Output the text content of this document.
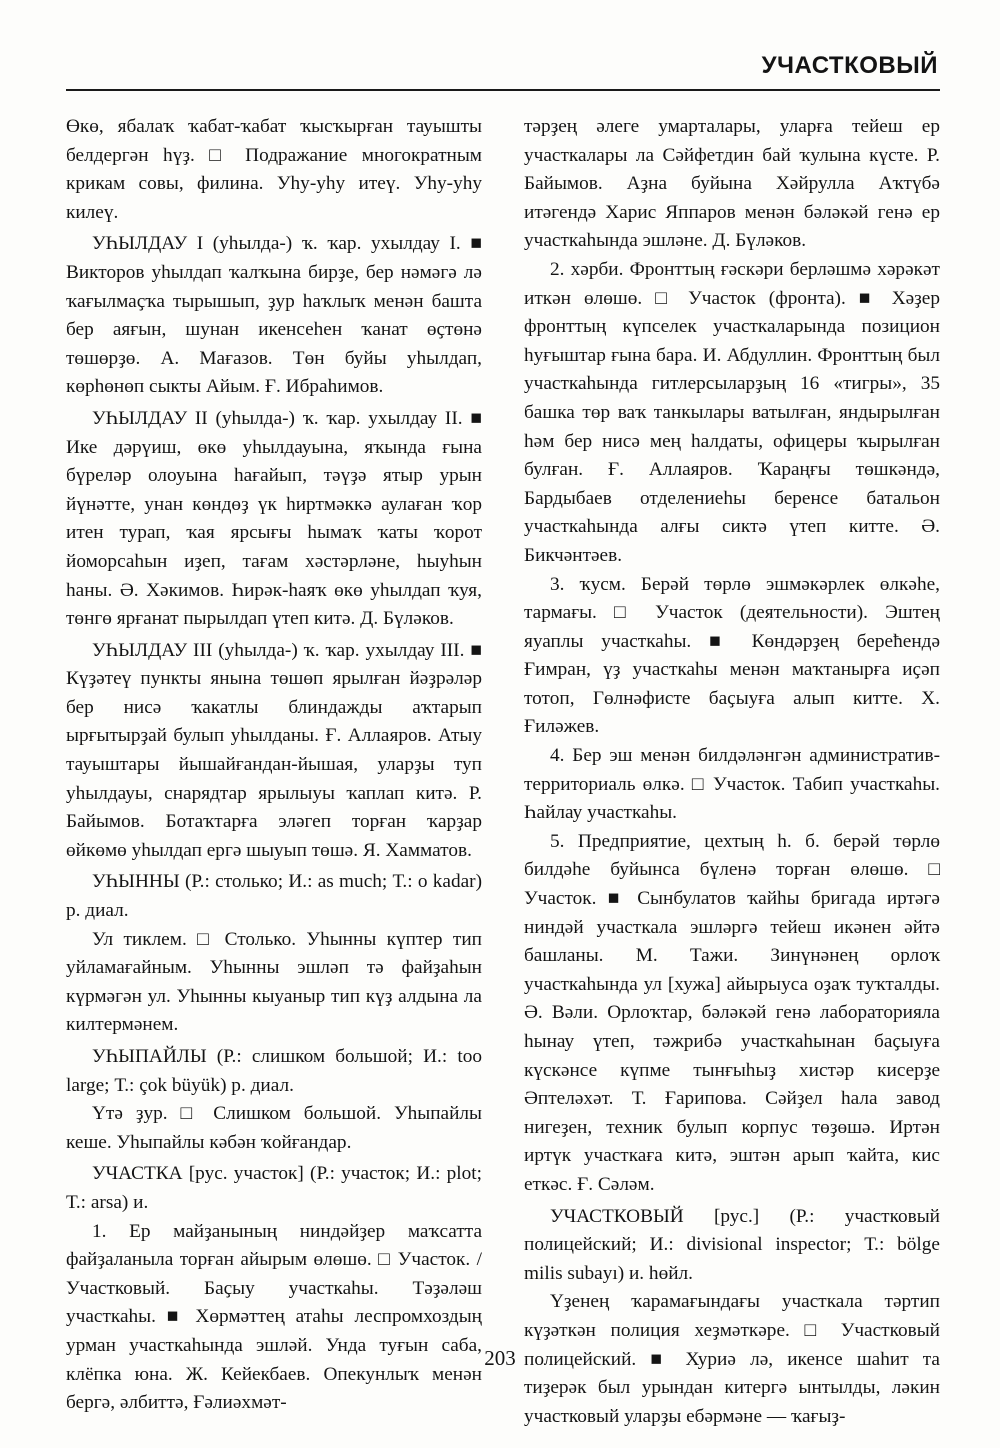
УЧАСТКОВЫЙ

Өкө, ябалаҡ ҡабат-ҡабат ҡысҡырған тауышты белдергән һүҙ. □ Подражание многократным крикам совы, филина. Уһу-уһу итеү. Уһу-уһу килеү.

УҺЫЛДАУ I (уһылда-) ҡ. ҡар. ухылдау I. ■ Викторов уһылдап ҡалҡына бирҙе, бер нәмәгә лә ҡағылмаҫҡа тырышып, ҙур һаҡлыҡ менән башта бер аяғын, шунан икенсеһен ҡанат өҫтөнә төшөрҙө. А. Мағазов. Төн буйы уһылдап, көрһөнөп сыкты Айым. Ғ. Ибраһимов.

УҺЫЛДАУ II (уһылда-) ҡ. ҡар. ухылдау II. ■ Ике дәрүиш, өкө уһылдауына, яҡында ғына бүреләр олоуына һағайып, тәүҙә ятыр урын йүнәтте, унан көндөҙ үк һиртмәккә аулаған ҡор итен турап, ҡая ярсығы һымаҡ ҡаты ҡорот йоморсаһын иҙеп, тағам хәстәрләне, һыуһын һаны. Ә. Хәкимов. Һирәк-һаяҡ өкө уһылдап ҡуя, төнгө ярғанат пырылдап үтеп китә. Д. Бүләков.

УҺЫЛДАУ III (уһылда-) ҡ. ҡар. ухылдау III. ■ Күҙәтеү пункты янына төшөп ярылған йәҙрәләр бер нисә ҡакатлы блиндажды аҡтарып ырғытырҙай булып уһылданы. Ғ. Аллаяров. Атыу тауыштары йышайғандан-йышая, уларҙы туп уһылдауы, снарядтар ярылыуы ҡаплап китә. Р. Байымов. Ботаҡтарға эләгеп торған ҡарҙар өйкөмө уһылдап ергә шыуып төшә. Я. Хамматов.

УҺЫННЫ (Р.: столько; И.: as much; Т.: o kadar) р. диал.

Ул тиклем. □ Столько. Уһынны күптер тип уйламағайным. Уһынны эшләп тә файҙаһын күрмәгән ул. Уһынны кыуаныр тип күҙ алдына ла килтермәнем.

УҺЫПАЙЛЫ (Р.: слишком большой; И.: too large; Т.: çok büyük) р. диал.

Үтә ҙур. □ Слишком большой. Уһыпайлы кеше. Уһыпайлы кәбән ҡойғандар.

УЧАСТКА [рус. участок] (Р.: участок; И.: plot; Т.: arsa) и.

1. Ер майҙанының ниндәйҙер маҡсатта файҙаланыла торған айырым өлөшө. □ Участок. / Участковый. Баҫыу участкаһы. Тәҙәләш участкаһы. ■ Хөрмәттең атаһы леспромхоздың урман участкаһында эшләй. Унда туғын саба, клёпка юна. Ж. Кейекбаев. Опекунлыҡ менән бергә, әлбиттә, Ғәлиәхмәт-

тәрҙең әлеге умарталары, уларға тейеш ер участкалары ла Сәйфетдин бай ҡулына күсте. Р. Байымов. Аҙна буйына Хәйрулла Аҡтүбә итәгендә Харис Яппаров менән бәләкәй генә ер участкаһында эшләне. Д. Бүләков.

2. хәрби. Фронттың ғәскәри берләшмә хәрәкәт иткән өлөшө. □ Участок (фронта). ■ Хәҙер фронттың күпселек участкаларында позицион һуғыштар ғына бара. И. Абдуллин. Фронттың был участкаһында гитлерсыларҙың 16 «тигры», 35 башка төр ваҡ танкылары ватылған, яндырылған һәм бер нисә мең һалдаты, офицеры ҡырылған булған. Ғ. Аллаяров. Ҡараңғы төшкәндә, Бардыбаев отделениеһы беренсе батальон участкаһында алғы сиктә үтеп китте. Ә. Бикчәнтәев.

3. ҡусм. Берәй төрлө эшмәкәрлек өлкәһе, тармағы. □ Участок (деятельности). Эштең яуаплы участкаһы. ■ Көндәрҙең берећендә Ғимран, үҙ участкаһы менән маҡтанырға иҫәп тотоп, Гөлнәфисте баҫыуға алып китте. Х. Ғиләжев.

4. Бер эш менән билдәләнгән административ-территориаль өлкә. □ Участок. Табип участкаһы. Һайлау участкаһы.

5. Предприятие, цехтың һ. б. берәй төрлө билдәһе буйынса бүленә торған өлөшө. □ Участок. ■ Сынбулатов ҡайһы бригада иртәгә ниндәй участкала эшләргә тейеш икәнен әйтә башланы. М. Тажи. Зинүнәнең орлоҡ участкаһында ул [хужа] айырыуса оҙаҡ туҡталды. Ә. Вәли. Орлоҡтар, бәләкәй генә лабораторияла һынау үтеп, тәжрибә участкаһынан баҫыуға күскәнсе күпме тынғыһыҙ хистәр кисерҙе Әптеләхәт. Т. Ғарипова. Сәйҙел һала завод нигеҙен, техник булып корпус төҙөшә. Иртән иртүк участкаға китә, эштән арып ҡайта, кис еткәс. Ғ. Сәләм.

УЧАСТКОВЫЙ [рус.] (Р.: участковый полицейский; И.: divisional inspector; Т.: bölge milis subayı) и. һөйл.

Үҙенең ҡарамағындағы участкала тәртип күҙәткән полиция хеҙмәткәре. □ Участковый полицейский. ■ Хуриә лә, икенсе шаһит та тиҙерәк был урындан китергә ынтылды, ләкин участковый уларҙы ебәрмәне — ҡағыҙ-

203
